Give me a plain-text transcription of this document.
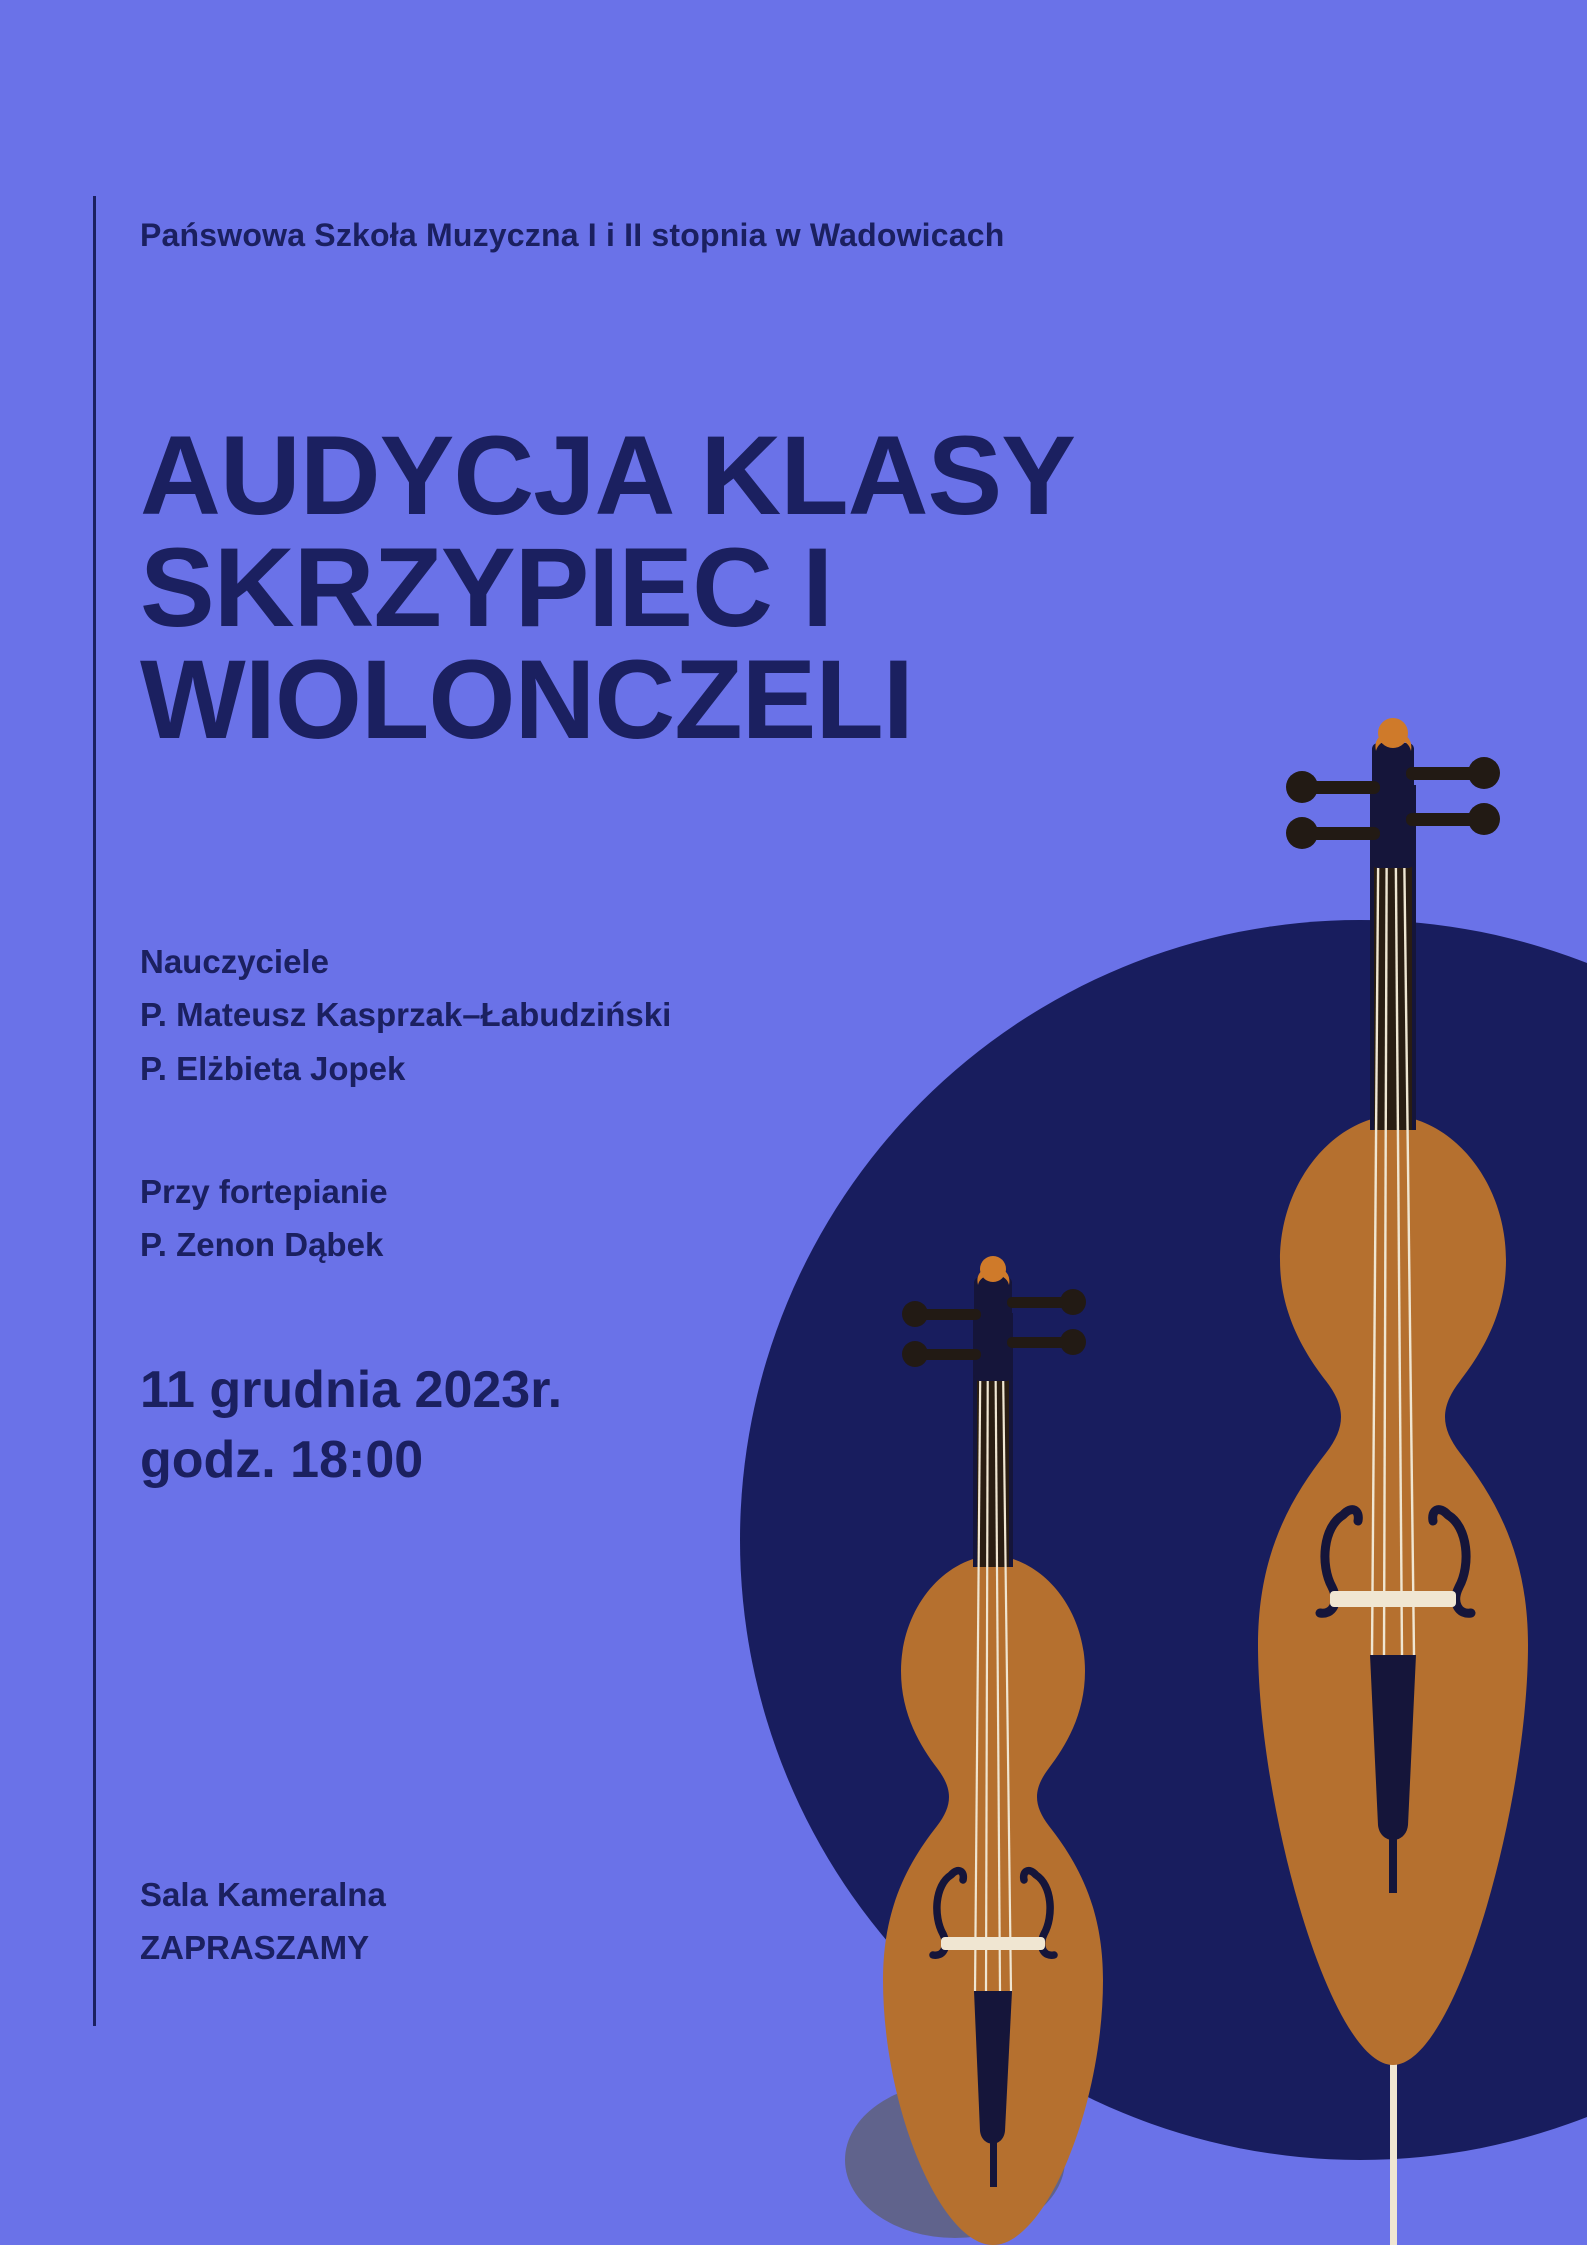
Pańswowa Szkoła Muzyczna I i II stopnia w Wadowicach
AUDYCJA KLASY
SKRZYPIEC I
WIOLONCZELI
Nauczyciele
P. Mateusz Kasprzak–Łabudziński
P. Elżbieta Jopek
Przy fortepianie
P. Zenon Dąbek
11 grudnia 2023r.
godz. 18:00
Sala Kameralna
ZAPRASZAMY
